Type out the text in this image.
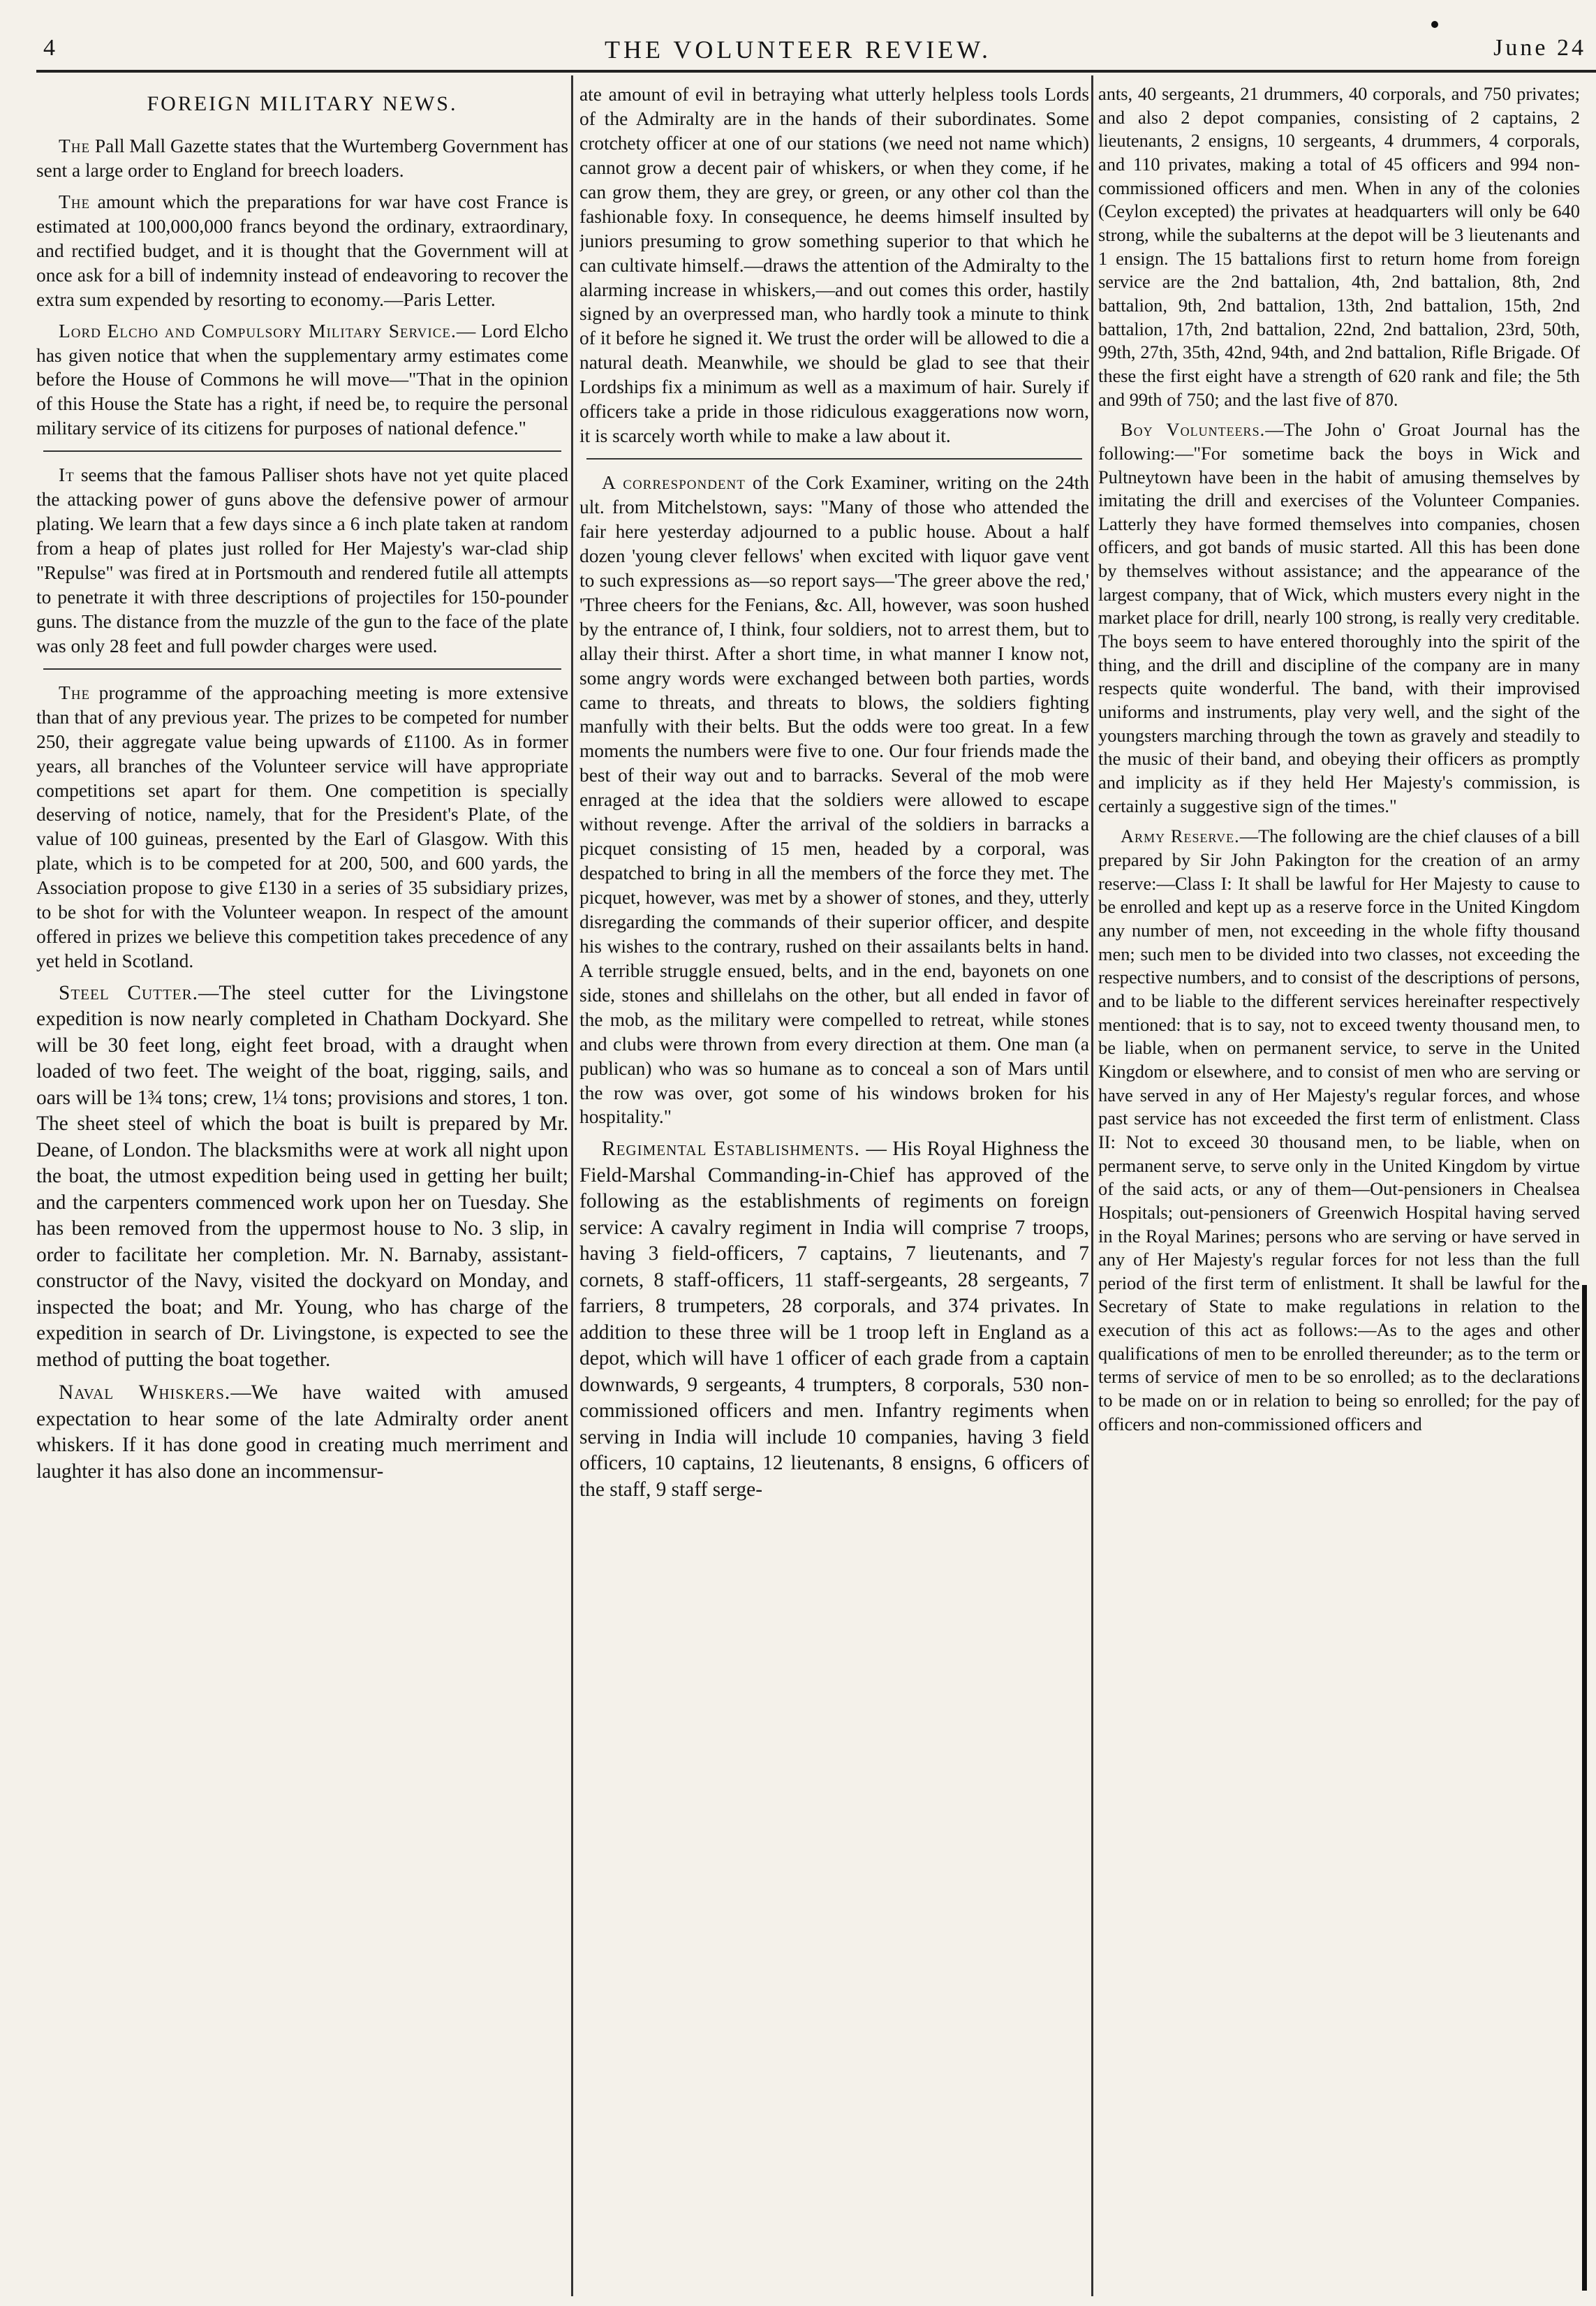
4	THE VOLUNTEER REVIEW.	June 24
FOREIGN MILITARY NEWS.

The Pall Mall Gazette states that the Wurtemberg Government has sent a large order to England for breech loaders.

The amount which the preparations for war have cost France is estimated at 100,000,000 francs beyond the ordinary, extraordinary, and rectified budget, and it is thought that the Government will at once ask for a bill of indemnity instead of endeavoring to recover the extra sum expended by resorting to economy.—Paris Letter.

Lord Elcho and Compulsory Military Service.— Lord Elcho has given notice that when the supplementary army estimates come before the House of Commons he will move—"That in the opinion of this House the State has a right, if need be, to require the personal military service of its citizens for purposes of national defence."

It seems that the famous Palliser shots have not yet quite placed the attacking power of guns above the defensive power of armour plating. We learn that a few days since a 6 inch plate taken at random from a heap of plates just rolled for Her Majesty's war-clad ship "Repulse" was fired at in Portsmouth and rendered futile all attempts to penetrate it with three descriptions of projectiles for 150-pounder guns. The distance from the muzzle of the gun to the face of the plate was only 28 feet and full powder charges were used.

The programme of the approaching meeting is more extensive than that of any previous year. The prizes to be competed for number 250, their aggregate value being upwards of £1100. As in former years, all branches of the Volunteer service will have appropriate competitions set apart for them. One competition is specially deserving of notice, namely, that for the President's Plate, of the value of 100 guineas, presented by the Earl of Glasgow. With this plate, which is to be competed for at 200, 500, and 600 yards, the Association propose to give £130 in a series of 35 subsidiary prizes, to be shot for with the Volunteer weapon. In respect of the amount offered in prizes we believe this competition takes precedence of any yet held in Scotland.

Steel Cutter.—The steel cutter for the Livingstone expedition is now nearly completed in Chatham Dockyard. She will be 30 feet long, eight feet broad, with a draught when loaded of two feet. The weight of the boat, rigging, sails, and oars will be 1¾ tons; crew, 1¼ tons; provisions and stores, 1 ton. The sheet steel of which the boat is built is prepared by Mr. Deane, of London. The blacksmiths were at work all night upon the boat, the utmost expedition being used in getting her built; and the carpenters commenced work upon her on Tuesday. She has been removed from the uppermost house to No. 3 slip, in order to facilitate her completion. Mr. N. Barnaby, assistant-constructor of the Navy, visited the dockyard on Monday, and inspected the boat; and Mr. Young, who has charge of the expedition in search of Dr. Livingstone, is expected to see the method of putting the boat together.

Naval Whiskers.—We have waited with amused expectation to hear some of the late Admiralty order anent whiskers. If it has done good in creating much merriment and laughter it has also done an incommensur-

ate amount of evil in betraying what utterly helpless tools Lords of the Admiralty are in the hands of their subordinates. Some crotchety officer at one of our stations (we need not name which) cannot grow a decent pair of whiskers, or when they come, if he can grow them, they are grey, or green, or any other col than the fashionable foxy. In consequence, he deems himself insulted by juniors presuming to grow something superior to that which he can cultivate himself.—draws the attention of the Admiralty to the alarming increase in whiskers,—and out comes this order, hastily signed by an overpressed man, who hardly took a minute to think of it before he signed it. We trust the order will be allowed to die a natural death. Meanwhile, we should be glad to see that their Lordships fix a minimum as well as a maximum of hair. Surely if officers take a pride in those ridiculous exaggerations now worn, it is scarcely worth while to make a law about it.

A correspondent of the Cork Examiner, writing on the 24th ult. from Mitchelstown, says: "Many of those who attended the fair here yesterday adjourned to a public house. About a half dozen 'young clever fellows' when excited with liquor gave vent to such expressions as—so report says—'The greer above the red,' 'Three cheers for the Fenians, &c. All, however, was soon hushed by the entrance of, I think, four soldiers, not to arrest them, but to allay their thirst. After a short time, in what manner I know not, some angry words were exchanged between both parties, words came to threats, and threats to blows, the soldiers fighting manfully with their belts. But the odds were too great. In a few moments the numbers were five to one. Our four friends made the best of their way out and to barracks. Several of the mob were enraged at the idea that the soldiers were allowed to escape without revenge. After the arrival of the soldiers in barracks a picquet consisting of 15 men, headed by a corporal, was despatched to bring in all the members of the force they met. The picquet, however, was met by a shower of stones, and they, utterly disregarding the commands of their superior officer, and despite his wishes to the contrary, rushed on their assailants belts in hand. A terrible struggle ensued, belts, and in the end, bayonets on one side, stones and shillelahs on the other, but all ended in favor of the mob, as the military were compelled to retreat, while stones and clubs were thrown from every direction at them. One man (a publican) who was so humane as to conceal a son of Mars until the row was over, got some of his windows broken for his hospitality."

Regimental Establishments. — His Royal Highness the Field-Marshal Commanding-in-Chief has approved of the following as the establishments of regiments on foreign service: A cavalry regiment in India will comprise 7 troops, having 3 field-officers, 7 captains, 7 lieutenants, and 7 cornets, 8 staff-officers, 11 staff-sergeants, 28 sergeants, 7 farriers, 8 trumpeters, 28 corporals, and 374 privates. In addition to these three will be 1 troop left in England as a depot, which will have 1 officer of each grade from a captain downwards, 9 sergeants, 4 trumpters, 8 corporals, 530 non-commissioned officers and men. Infantry regiments when serving in India will include 10 companies, having 3 field officers, 10 captains, 12 lieutenants, 8 ensigns, 6 officers of the staff, 9 staff serge-

ants, 40 sergeants, 21 drummers, 40 corporals, and 750 privates; and also 2 depot companies, consisting of 2 captains, 2 lieutenants, 2 ensigns, 10 sergeants, 4 drummers, 4 corporals, and 110 privates, making a total of 45 officers and 994 non-commissioned officers and men. When in any of the colonies (Ceylon excepted) the privates at headquarters will only be 640 strong, while the subalterns at the depot will be 3 lieutenants and 1 ensign. The 15 battalions first to return home from foreign service are the 2nd battalion, 4th, 2nd battalion, 8th, 2nd battalion, 9th, 2nd battalion, 13th, 2nd battalion, 15th, 2nd battalion, 17th, 2nd battalion, 22nd, 2nd battalion, 23rd, 50th, 99th, 27th, 35th, 42nd, 94th, and 2nd battalion, Rifle Brigade. Of these the first eight have a strength of 620 rank and file; the 5th and 99th of 750; and the last five of 870.

Boy Volunteers.—The John o' Groat Journal has the following:—"For sometime back the boys in Wick and Pultneytown have been in the habit of amusing themselves by imitating the drill and exercises of the Volunteer Companies. Latterly they have formed themselves into companies, chosen officers, and got bands of music started. All this has been done by themselves without assistance; and the appearance of the largest company, that of Wick, which musters every night in the market place for drill, nearly 100 strong, is really very creditable. The boys seem to have entered thoroughly into the spirit of the thing, and the drill and discipline of the company are in many respects quite wonderful. The band, with their improvised uniforms and instruments, play very well, and the sight of the youngsters marching through the town as gravely and steadily to the music of their band, and obeying their officers as promptly and implicity as if they held Her Majesty's commission, is certainly a suggestive sign of the times."

Army Reserve.—The following are the chief clauses of a bill prepared by Sir John Pakington for the creation of an army reserve:—Class I: It shall be lawful for Her Majesty to cause to be enrolled and kept up as a reserve force in the United Kingdom any number of men, not exceeding in the whole fifty thousand men; such men to be divided into two classes, not exceeding the respective numbers, and to consist of the descriptions of persons, and to be liable to the different services hereinafter respectively mentioned: that is to say, not to exceed twenty thousand men, to be liable, when on permanent service, to serve in the United Kingdom or elsewhere, and to consist of men who are serving or have served in any of Her Majesty's regular forces, and whose past service has not exceeded the first term of enlistment. Class II: Not to exceed 30 thousand men, to be liable, when on permanent serve, to serve only in the United Kingdom by virtue of the said acts, or any of them—Out-pensioners in Chealsea Hospitals; out-pensioners of Greenwich Hospital having served in the Royal Marines; persons who are serving or have served in any of Her Majesty's regular forces for not less than the full period of the first term of enlistment. It shall be lawful for the Secretary of State to make regulations in relation to the execution of this act as follows:—As to the ages and other qualifications of men to be enrolled thereunder; as to the term or terms of service of men to be so enrolled; as to the declarations to be made on or in relation to being so enrolled; for the pay of officers and non-commissioned officers and
